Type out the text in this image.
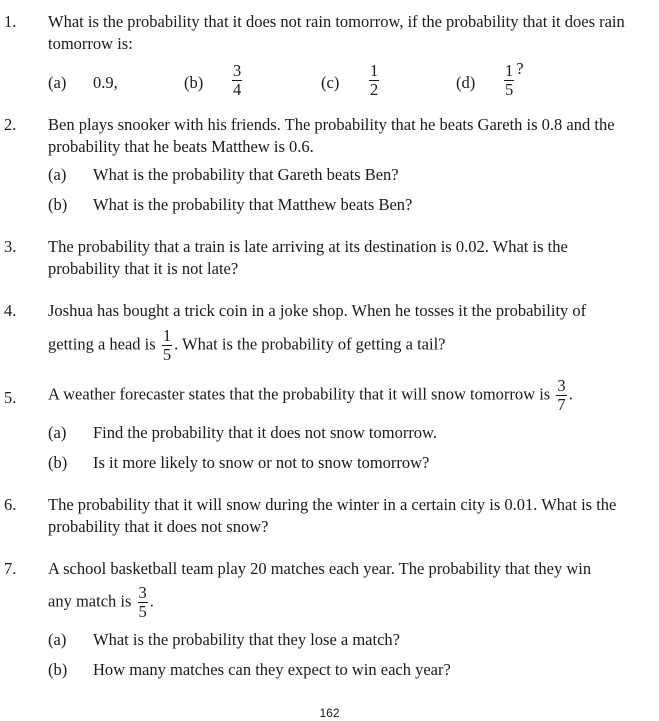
1. What is the probability that it does not rain tomorrow, if the probability that it does rain tomorrow is:
(a) 0.9,	$(b) \frac{3}{4}$	$(c) \frac{1}{2}$	$(d) \frac{1}{5}$ ?
2. Ben plays snooker with his friends. The probability that he beats Gareth is 0.8 and the probability that he beats Matthew is 0.6.
(a) What is the probability that Gareth beats Ben?
(b) What is the probability that Matthew beats Ben?
3. The probability that a train is late arriving at its destination is 0.02. What is the probability that it is not late?
4. Joshua has bought a trick coin in a joke shop. When he tosses it the probability of
getting a head is $\frac{1}{5}$ . What is the probability of getting a tail?
5. A weather forecaster states that the probability that it will snow tomorrow is $\frac{3}{7}$ .
(a) Find the probability that it does not snow tomorrow.
(b) Is it more likely to snow or not to snow tomorrow?
6. The probability that it will snow during the winter in a certain city is 0.01. What is the probability that it does not snow?
7. A school basketball team play 20 matches each year. The probability that they win
any match is $\frac{3}{5}$ .
(a) What is the probability that they lose a match?
(b) How many matches can they expect to win each year?
162
